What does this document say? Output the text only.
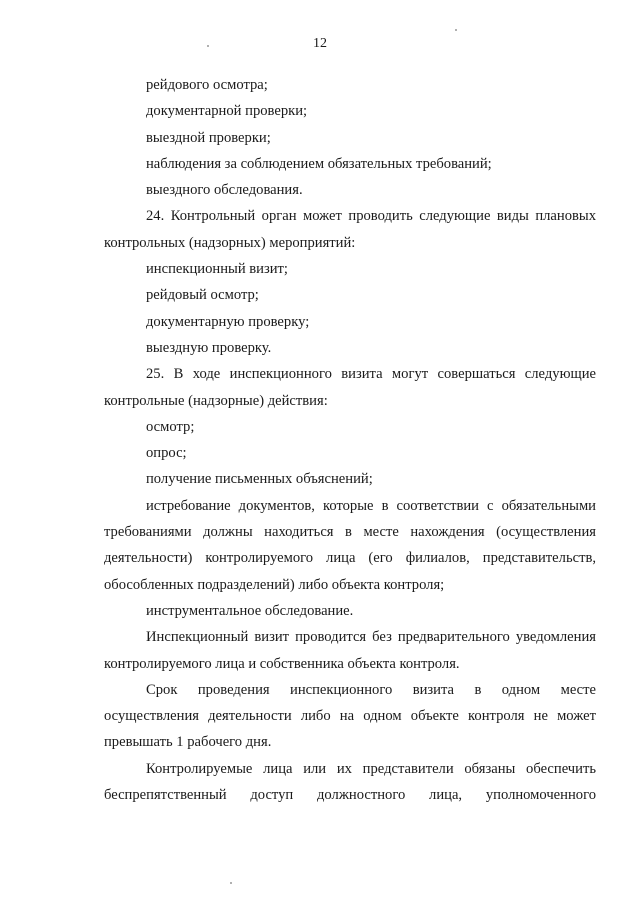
12
рейдового осмотра;
документарной проверки;
выездной проверки;
наблюдения за соблюдением обязательных требований;
выездного обследования.
24. Контрольный орган может проводить следующие виды плановых
контрольных (надзорных) мероприятий:
инспекционный визит;
рейдовый осмотр;
документарную проверку;
выездную проверку.
25. В ходе инспекционного визита могут совершаться следующие
контрольные (надзорные) действия:
осмотр;
опрос;
получение письменных объяснений;
истребование документов, которые в соответствии с обязательными
требованиями должны находиться в месте нахождения (осуществления
деятельности) контролируемого лица (его филиалов, представительств,
обособленных подразделений) либо объекта контроля;
инструментальное обследование.
Инспекционный визит проводится без предварительного уведомления
контролируемого лица и собственника объекта контроля.
Срок проведения инспекционного визита в одном месте
осуществления деятельности либо на одном объекте контроля не может
превышать 1 рабочего дня.
Контролируемые лица или их представители обязаны обеспечить
беспрепятственный доступ должностного лица, уполномоченного
